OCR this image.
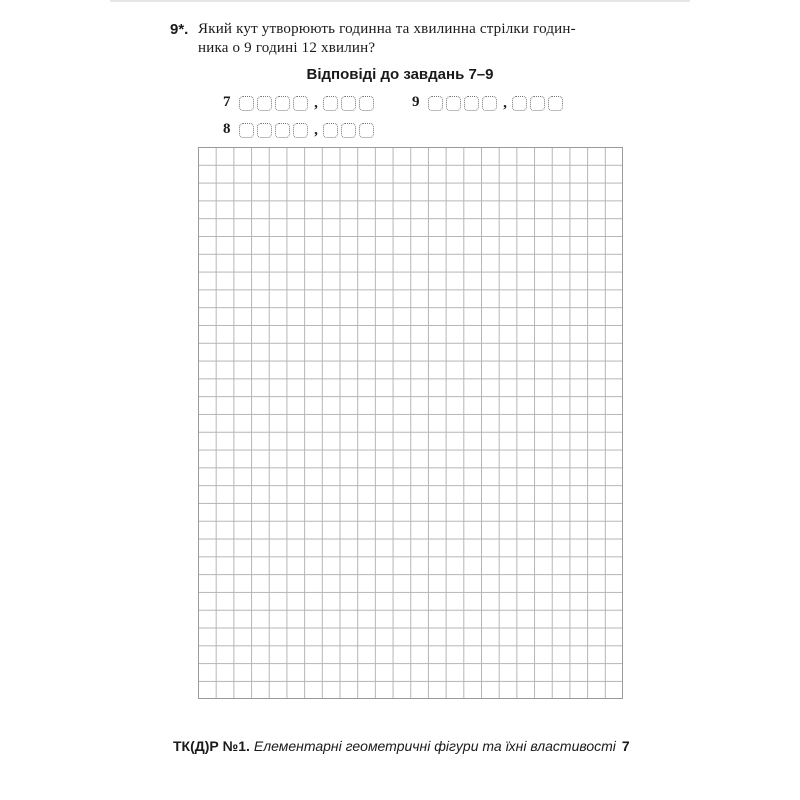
9*. Який кут утворюють годинна та хвилинна стрілки годин-
ника о 9 годині 12 хвилин?
Відповіді до завдань 7–9
7	,	9	,
8	,
ТК(Д)Р №1. Елементарні геометричні фігури та їхні властивості 7
